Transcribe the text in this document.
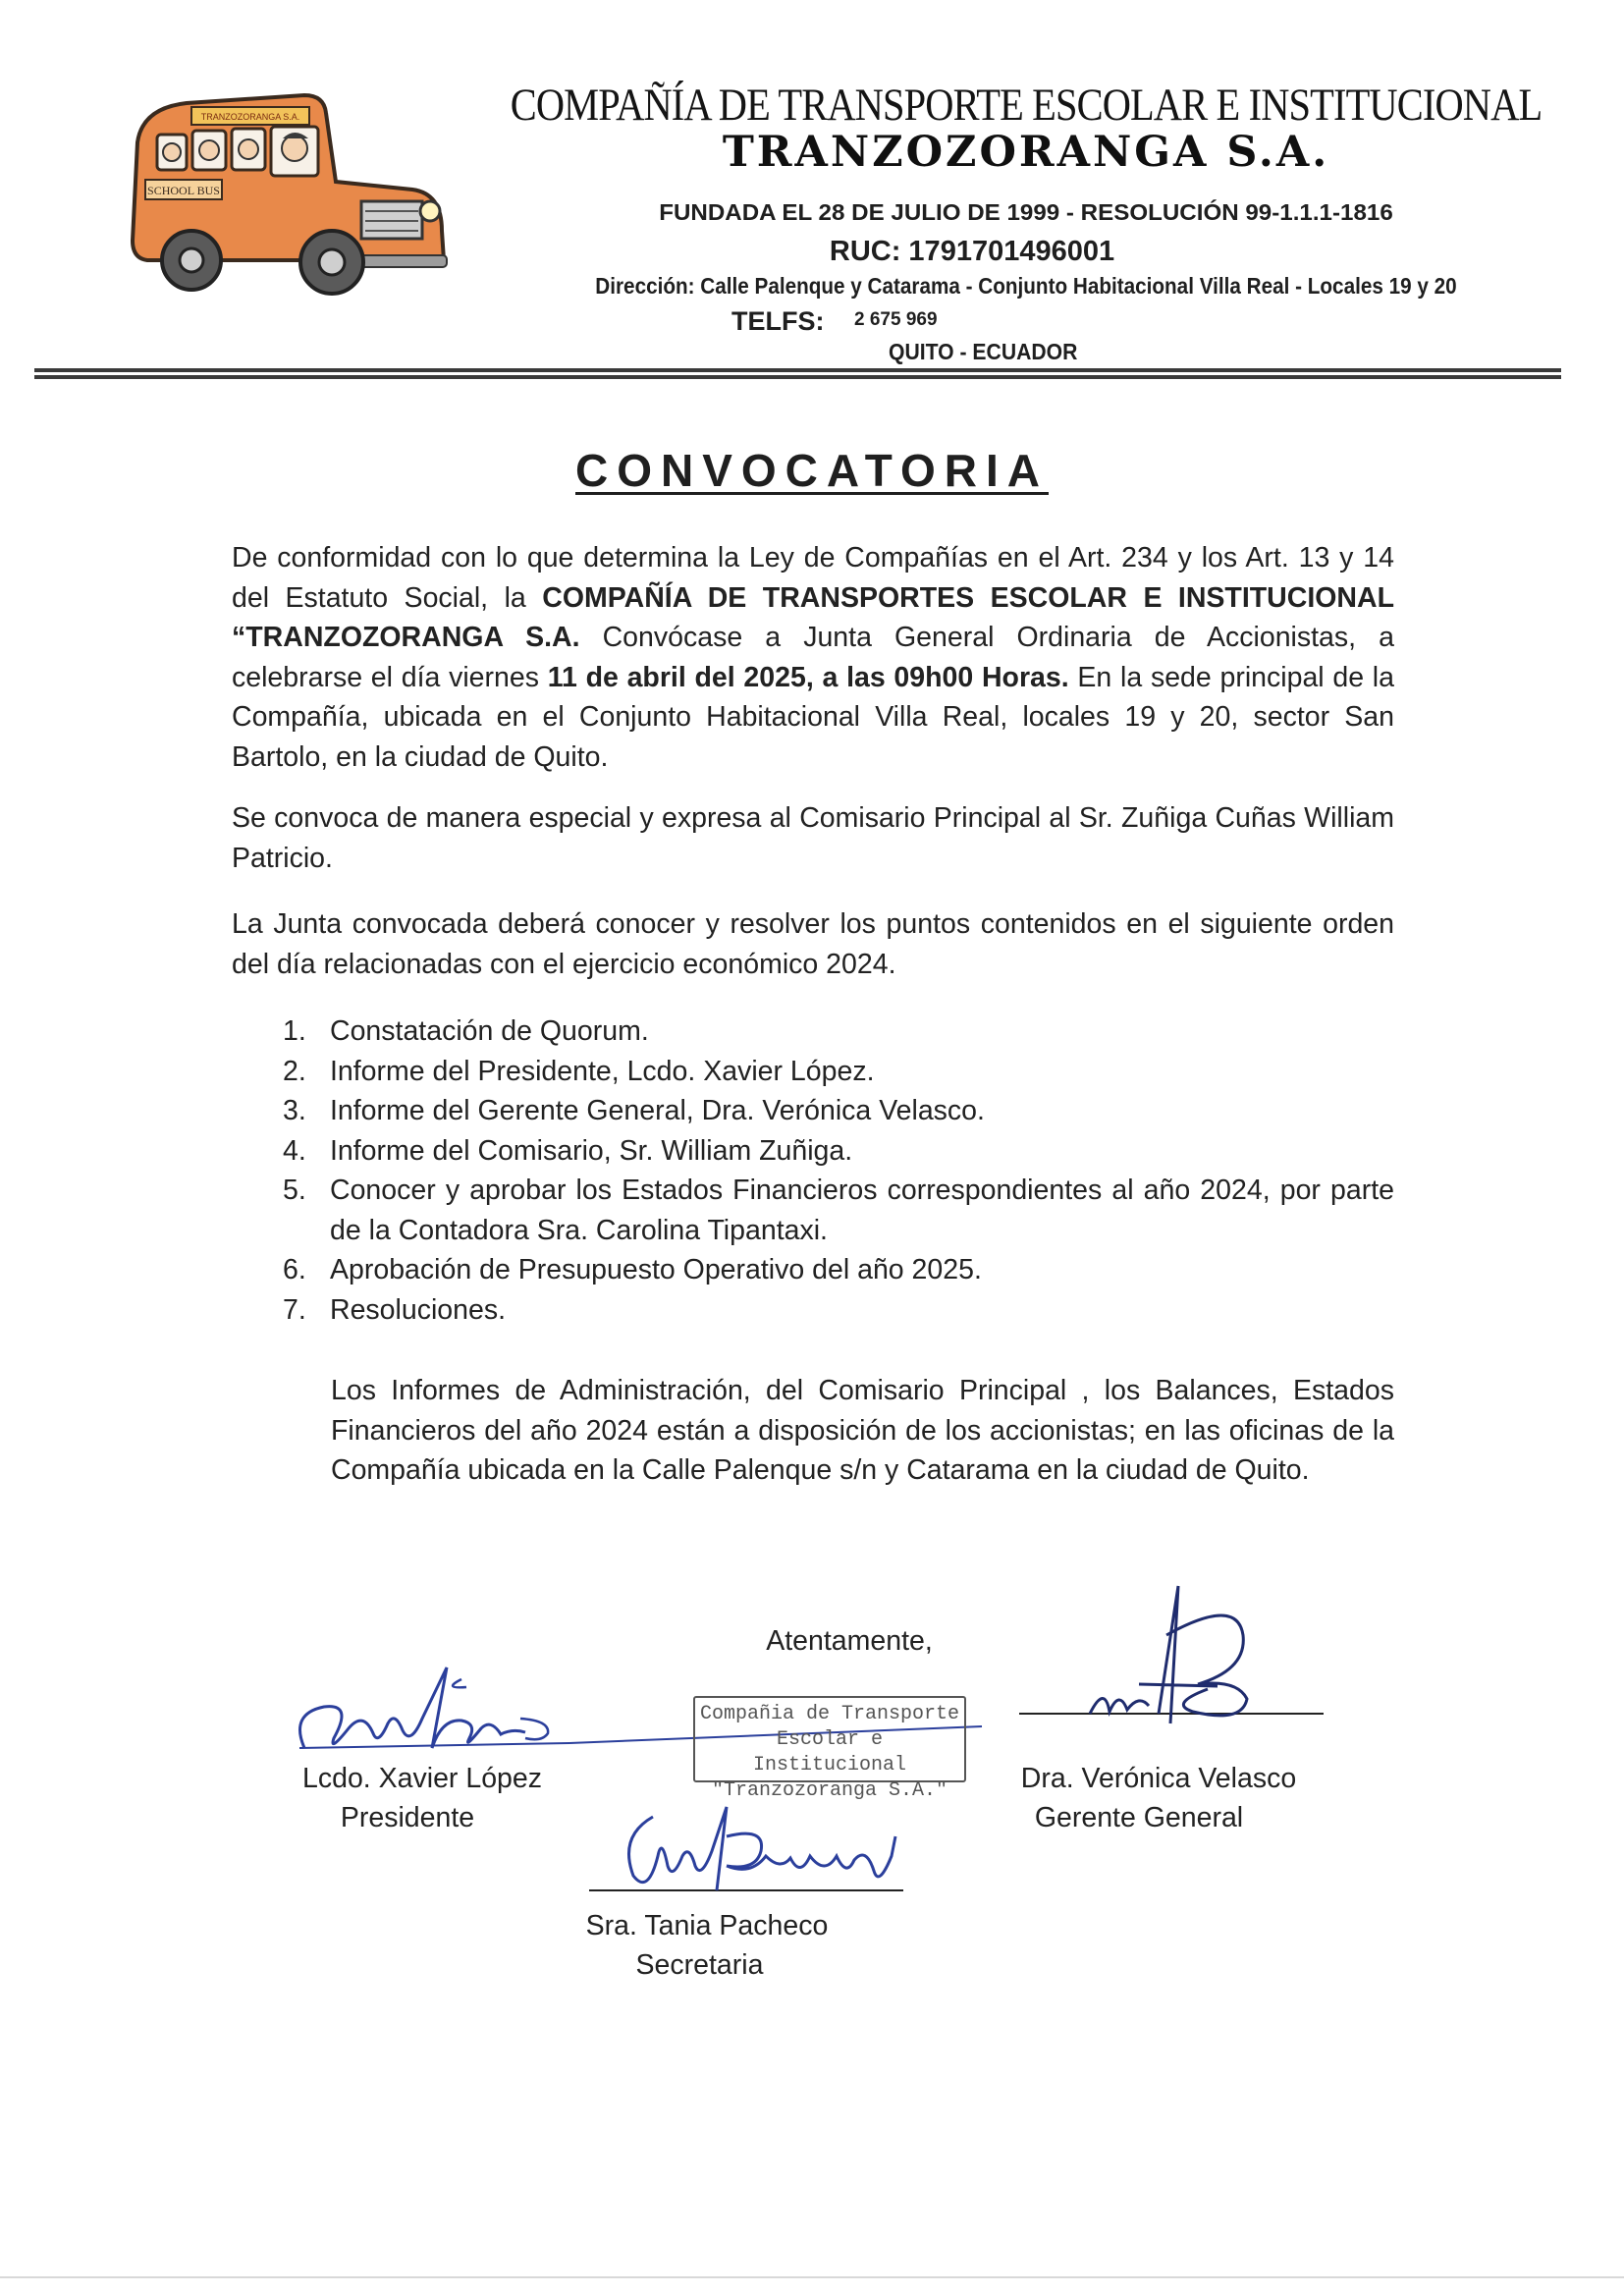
TRANZOZORANGA S.A.
SCHOOL BUS
COMPAÑÍA DE TRANSPORTE ESCOLAR E INSTITUCIONAL
TRANZOZORANGA S.A.
FUNDADA EL 28 DE JULIO DE 1999 - RESOLUCIÓN 99-1.1.1-1816
RUC: 1791701496001
Dirección: Calle Palenque y Catarama - Conjunto Habitacional Villa Real - Locales 19 y 20
TELFS: 2 675 969
QUITO - ECUADOR
CONVOCATORIA
De conformidad con lo que determina la Ley de Compañías en el Art. 234 y los Art. 13 y 14 del Estatuto Social, la COMPAÑÍA DE TRANSPORTES ESCOLAR E INSTITUCIONAL “TRANZOZORANGA S.A. Convócase a Junta General Ordinaria de Accionistas, a celebrarse el día viernes 11 de abril del 2025, a las 09h00 Horas. En la sede principal de la Compañía, ubicada en el Conjunto Habitacional Villa Real, locales 19 y 20, sector San Bartolo, en la ciudad de Quito.
Se convoca de manera especial y expresa al Comisario Principal al Sr. Zuñiga Cuñas William Patricio.
La Junta convocada deberá conocer y resolver los puntos contenidos en el siguiente orden del día relacionadas con el ejercicio económico 2024.
1. Constatación de Quorum.
2. Informe del Presidente, Lcdo. Xavier López.
3. Informe del Gerente General, Dra. Verónica Velasco.
4. Informe del Comisario, Sr. William Zuñiga.
5. Conocer y aprobar los Estados Financieros correspondientes al año 2024, por parte de la Contadora Sra. Carolina Tipantaxi.
6. Aprobación de Presupuesto Operativo del año 2025.
7. Resoluciones.
Los Informes de Administración, del Comisario Principal , los Balances, Estados Financieros del año 2024 están a disposición de los accionistas; en las oficinas de la Compañía ubicada en la Calle Palenque s/n y Catarama en la ciudad de Quito.
Atentamente,
Compañia de Transporte
Escolar e Institucional
"Tranzozoranga S.A."
Lcdo. Xavier López
Presidente
Dra. Verónica Velasco
Gerente General
Sra. Tania Pacheco
Secretaria
